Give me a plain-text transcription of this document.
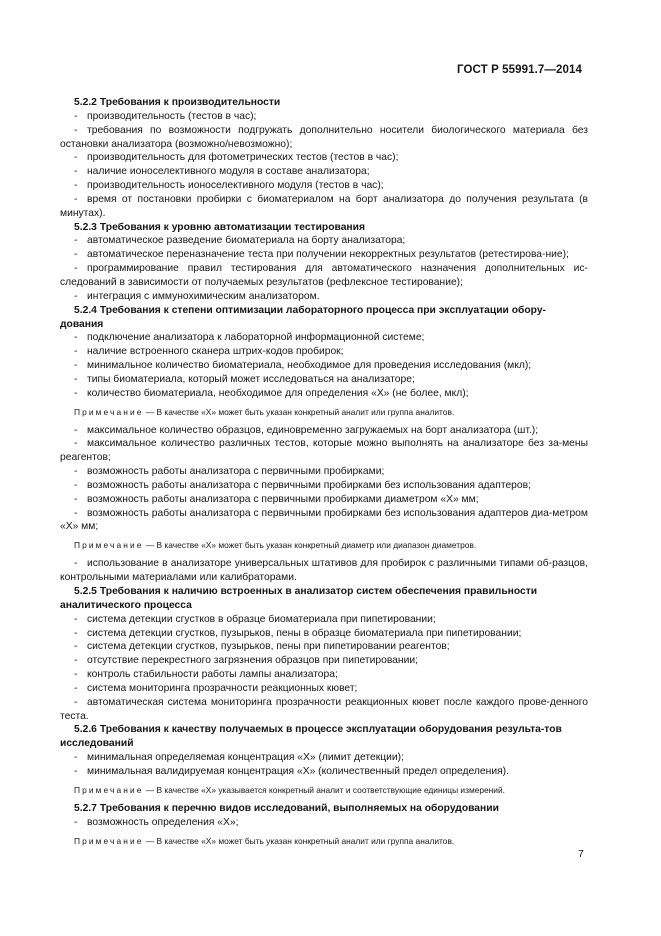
ГОСТ Р 55991.7—2014
5.2.2 Требования к производительности
- производительность (тестов в час);
- требования по возможности подгружать дополнительно носители биологического материала без остановки анализатора (возможно/невозможно);
- производительность для фотометрических тестов (тестов в час);
- наличие ионоселективного модуля в составе анализатора;
- производительность ионоселективного модуля (тестов в час);
- время от постановки пробирки с биоматериалом на борт анализатора до получения результата (в минутах).
5.2.3 Требования к уровню автоматизации тестирования
- автоматическое разведение биоматериала на борту анализатора;
- автоматическое переназначение теста при получении некорректных результатов (ретестирова-ние);
- программирование правил тестирования для автоматического назначения дополнительных ис-следований в зависимости от получаемых результатов (рефлексное тестирование);
- интеграция с иммунохимическим анализатором.
5.2.4 Требования к степени оптимизации лабораторного процесса при эксплуатации обору-дования
- подключение анализатора к лабораторной информационной системе;
- наличие встроенного сканера штрих-кодов пробирок;
- минимальное количество биоматериала, необходимое для проведения исследования (мкл);
- типы биоматериала, который может исследоваться на анализаторе;
- количество биоматериала, необходимое для определения «Х» (не более, мкл);
Примечание — В качестве «Х» может быть указан конкретный аналит или группа аналитов.
- максимальное количество образцов, единовременно загружаемых на борт анализатора (шт.);
- максимальное количество различных тестов, которые можно выполнять на анализаторе без за-мены реагентов;
- возможность работы анализатора с первичными пробирками;
- возможность работы анализатора с первичными пробирками без использования адаптеров;
- возможность работы анализатора с первичными пробирками диаметром «Х» мм;
- возможность работы анализатора с первичными пробирками без использования адаптеров диа-метром «Х» мм;
Примечание — В качестве «Х» может быть указан конкретный диаметр или диапазон диаметров.
- использование в анализаторе универсальных штативов для пробирок с различными типами об-разцов, контрольными материалами или калибраторами.
5.2.5 Требования к наличию встроенных в анализатор систем обеспечения правильности аналитического процесса
- система детекции сгустков в образце биоматериала при пипетировании;
- система детекции сгустков, пузырьков, пены в образце биоматериала при пипетировании;
- система детекции сгустков, пузырьков, пены при пипетировании реагентов;
- отсутствие перекрестного загрязнения образцов при пипетировании;
- контроль стабильности работы лампы анализатора;
- система мониторинга прозрачности реакционных кювет;
- автоматическая система мониторинга прозрачности реакционных кювет после каждого прове-денного теста.
5.2.6 Требования к качеству получаемых в процессе эксплуатации оборудования результа-тов исследований
- минимальная определяемая концентрация «Х» (лимит детекции);
- минимальная валидируемая концентрация «Х» (количественный предел определения).
Примечание — В качестве «Х» указывается конкретный аналит и соответствующие единицы измерений.
5.2.7 Требования к перечню видов исследований, выполняемых на оборудовании
- возможность определения «Х»;
Примечание — В качестве «Х» может быть указан конкретный аналит или группа аналитов.
7
